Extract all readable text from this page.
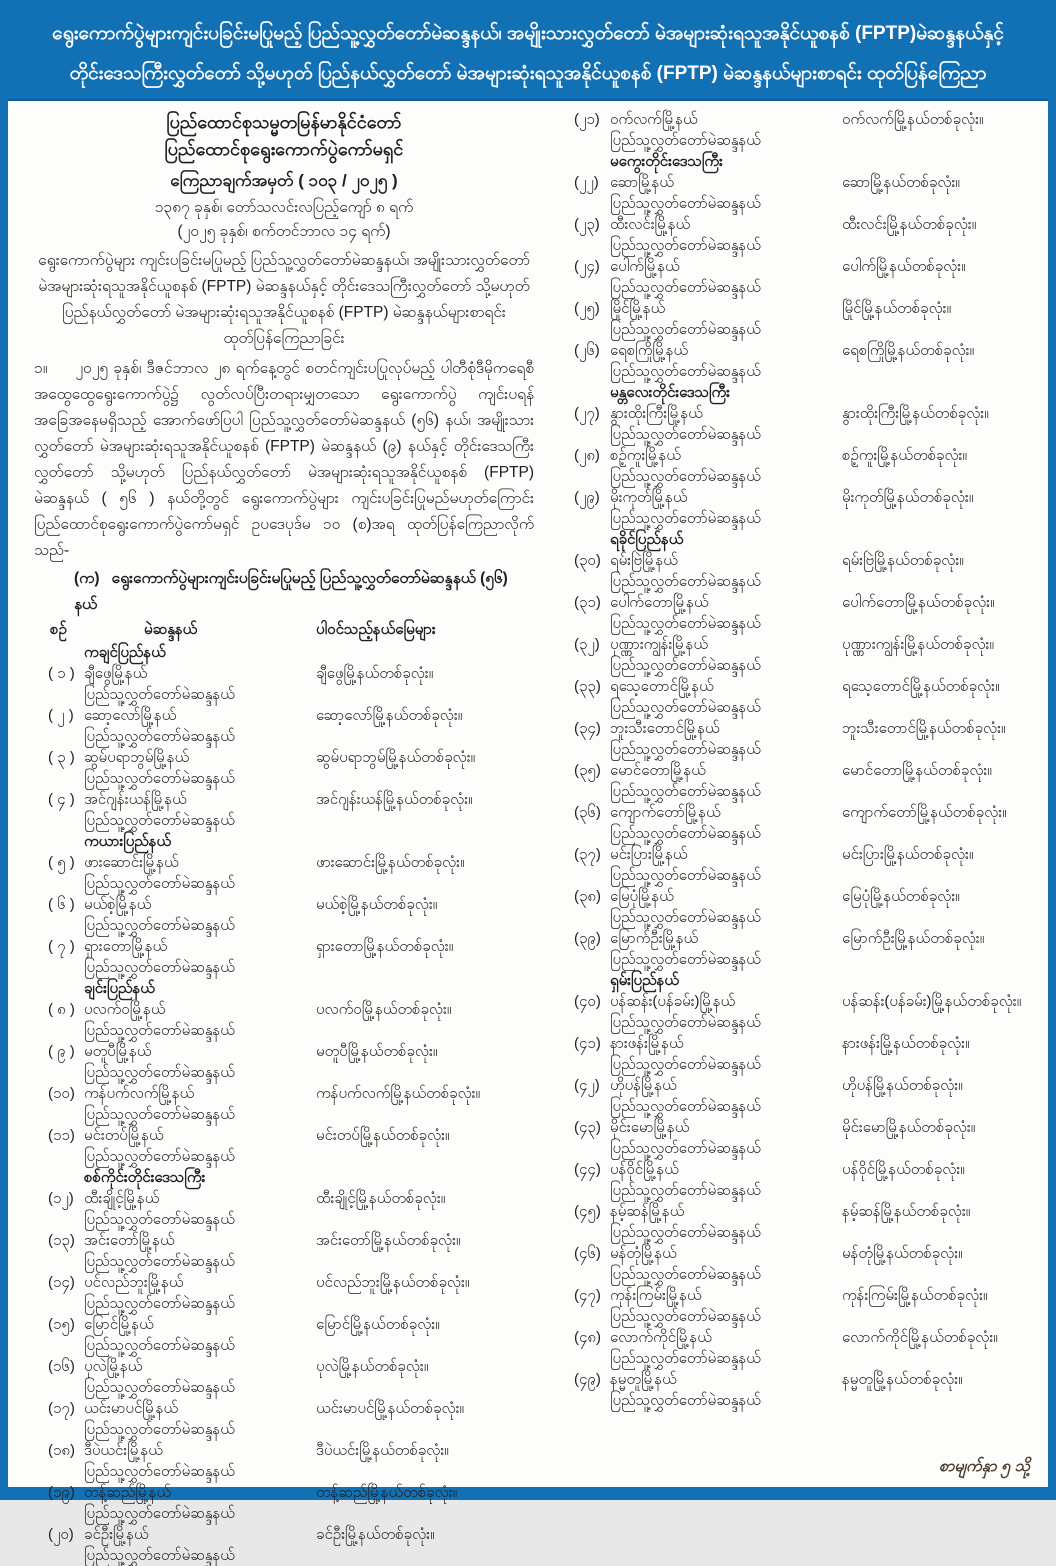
ရွေးကောက်ပွဲများကျင်းပခြင်းမပြုမည့် ပြည်သူ့လွှတ်တော်မဲဆန္ဒနယ်၊ အမျိုးသားလွှတ်တော် မဲအများဆုံးရသူအနိုင်ယူစနစ် (FPTP)မဲဆန္ဒနယ်နှင့်
တိုင်းဒေသကြီးလွှတ်တော် သို့မဟုတ် ပြည်နယ်လွှတ်တော် မဲအများဆုံးရသူအနိုင်ယူစနစ် (FPTP) မဲဆန္ဒနယ်များစာရင်း ထုတ်ပြန်ကြေညာ
ပြည်ထောင်စုသမ္မတမြန်မာနိုင်ငံတော်
ပြည်ထောင်စုရွေးကောက်ပွဲကော်မရှင်
ကြေညာချက်အမှတ် ( ၁၀၃ / ၂၀၂၅ )
၁၃၈၇ ခုနှစ်၊ တော်သလင်းလပြည့်ကျော် ၈ ရက်
(၂၀၂၅ ခုနှစ်၊ စက်တင်ဘာလ ၁၄ ရက်)
ရွေးကောက်ပွဲများ ကျင်းပခြင်းမပြုမည့် ပြည်သူ့လွှတ်တော်မဲဆန္ဒနယ်၊ အမျိုးသားလွှတ်တော် မဲအများဆုံးရသူအနိုင်ယူစနစ် (FPTP) မဲဆန္ဒနယ်နှင့် တိုင်းဒေသကြီးလွှတ်တော် သို့မဟုတ် ပြည်နယ်လွှတ်တော် မဲအများဆုံးရသူအနိုင်ယူစနစ် (FPTP) မဲဆန္ဒနယ်များစာရင်း
ထုတ်ပြန်ကြေညာခြင်း
၁။ ၂၀၂၅ ခုနှစ်၊ ဒီဇင်ဘာလ ၂၈ ရက်နေ့တွင် စတင်ကျင်းပပြုလုပ်မည့် ပါတီစုံဒီမိုကရေစီ အထွေထွေရွေးကောက်ပွဲ၌ လွတ်လပ်ပြီးတရားမျှတသော ရွေးကောက်ပွဲ ကျင်းပရန်အခြေအနေမရှိသည့် အောက်ဖော်ပြပါ ပြည်သူ့လွှတ်တော်မဲဆန္ဒနယ် (၅၆) နယ်၊ အမျိုးသားလွှတ်တော် မဲအများဆုံးရသူအနိုင်ယူစနစ် (FPTP) မဲဆန္ဒနယ် (၉) နယ်နှင့် တိုင်းဒေသကြီးလွှတ်တော် သို့မဟုတ် ပြည်နယ်လွှတ်တော် မဲအများဆုံးရသူအနိုင်ယူစနစ် (FPTP) မဲဆန္ဒနယ် ( ၅၆ ) နယ်တို့တွင် ရွေးကောက်ပွဲများ ကျင်းပခြင်းပြုမည်မဟုတ်ကြောင်း ပြည်ထောင်စုရွေးကောက်ပွဲကော်မရှင် ဥပဒေပုဒ်မ ၁၀ (စ)အရ ထုတ်ပြန်ကြေညာလိုက်သည်-
(က) ရွေးကောက်ပွဲများကျင်းပခြင်းမပြုမည့် ပြည်သူ့လွှတ်တော်မဲဆန္ဒနယ် (၅၆) နယ်
စဉ်	မဲဆန္ဒနယ်	ပါဝင်သည့်နယ်မြေများ
ကချင်ပြည်နယ်
( ၁ ) ချီဖွေမြို့နယ်	ချီဖွေမြို့နယ်တစ်ခုလုံး။
ပြည်သူ့လွှတ်တော်မဲဆန္ဒနယ်
( ၂ ) ဆော့လော်မြို့နယ်	ဆော့လော်မြို့နယ်တစ်ခုလုံး။
ပြည်သူ့လွှတ်တော်မဲဆန္ဒနယ်
( ၃ ) ဆွမ်ပရာဘွမ်မြို့နယ်	ဆွမ်ပရာဘွမ်မြို့နယ်တစ်ခုလုံး။
ပြည်သူ့လွှတ်တော်မဲဆန္ဒနယ်
( ၄ ) အင်ဂျန်းယန်မြို့နယ်	အင်ဂျန်းယန်မြို့နယ်တစ်ခုလုံး။
ပြည်သူ့လွှတ်တော်မဲဆန္ဒနယ်
ကယားပြည်နယ်
( ၅ ) ဖားဆောင်းမြို့နယ်	ဖားဆောင်းမြို့နယ်တစ်ခုလုံး။
ပြည်သူ့လွှတ်တော်မဲဆန္ဒနယ်
( ၆ ) မယ်စဲ့မြို့နယ်	မယ်စဲ့မြို့နယ်တစ်ခုလုံး။
ပြည်သူ့လွှတ်တော်မဲဆန္ဒနယ်
( ၇ ) ရှားတောမြို့နယ်	ရှားတောမြို့နယ်တစ်ခုလုံး။
ပြည်သူ့လွှတ်တော်မဲဆန္ဒနယ်
ချင်းပြည်နယ်
( ၈ ) ပလက်ဝမြို့နယ်	ပလက်ဝမြို့နယ်တစ်ခုလုံး။
ပြည်သူ့လွှတ်တော်မဲဆန္ဒနယ်
( ၉ ) မတူပီမြို့နယ်	မတူပီမြို့နယ်တစ်ခုလုံး။
ပြည်သူ့လွှတ်တော်မဲဆန္ဒနယ်
(၁၀) ကန်ပက်လက်မြို့နယ်	ကန်ပက်လက်မြို့နယ်တစ်ခုလုံး။
ပြည်သူ့လွှတ်တော်မဲဆန္ဒနယ်
(၁၁) မင်းတပ်မြို့နယ်	မင်းတပ်မြို့နယ်တစ်ခုလုံး။
ပြည်သူ့လွှတ်တော်မဲဆန္ဒနယ်
စစ်ကိုင်းတိုင်းဒေသကြီး
(၁၂) ထီးချိုင့်မြို့နယ်	ထီးချိုင့်မြို့နယ်တစ်ခုလုံး။
ပြည်သူ့လွှတ်တော်မဲဆန္ဒနယ်
(၁၃) အင်းတော်မြို့နယ်	အင်းတော်မြို့နယ်တစ်ခုလုံး။
ပြည်သူ့လွှတ်တော်မဲဆန္ဒနယ်
(၁၄) ပင်လည်ဘူးမြို့နယ်	ပင်လည်ဘူးမြို့နယ်တစ်ခုလုံး။
ပြည်သူ့လွှတ်တော်မဲဆန္ဒနယ်
(၁၅) မြောင်မြို့နယ်	မြောင်မြို့နယ်တစ်ခုလုံး။
ပြည်သူ့လွှတ်တော်မဲဆန္ဒနယ်
(၁၆) ပုလဲမြို့နယ်	ပုလဲမြို့နယ်တစ်ခုလုံး။
ပြည်သူ့လွှတ်တော်မဲဆန္ဒနယ်
(၁၇) ယင်းမာပင်မြို့နယ်	ယင်းမာပင်မြို့နယ်တစ်ခုလုံး။
ပြည်သူ့လွှတ်တော်မဲဆန္ဒနယ်
(၁၈) ဒီပဲယင်းမြို့နယ်	ဒီပဲယင်းမြို့နယ်တစ်ခုလုံး။
ပြည်သူ့လွှတ်တော်မဲဆန္ဒနယ်
(၁၉) တန့်ဆည်မြို့နယ်	တန့်ဆည်မြို့နယ်တစ်ခုလုံး။
ပြည်သူ့လွှတ်တော်မဲဆန္ဒနယ်
(၂၀) ခင်ဦးမြို့နယ်	ခင်ဦးမြို့နယ်တစ်ခုလုံး။
ပြည်သူ့လွှတ်တော်မဲဆန္ဒနယ်
(၂၁) ဝက်လက်မြို့နယ်	ဝက်လက်မြို့နယ်တစ်ခုလုံး။
ပြည်သူ့လွှတ်တော်မဲဆန္ဒနယ်
မကွေးတိုင်းဒေသကြီး
(၂၂) ဆောမြို့နယ်	ဆောမြို့နယ်တစ်ခုလုံး။
ပြည်သူ့လွှတ်တော်မဲဆန္ဒနယ်
(၂၃) ထီးလင်းမြို့နယ်	ထီးလင်းမြို့နယ်တစ်ခုလုံး။
ပြည်သူ့လွှတ်တော်မဲဆန္ဒနယ်
(၂၄) ပေါက်မြို့နယ်	ပေါက်မြို့နယ်တစ်ခုလုံး။
ပြည်သူ့လွှတ်တော်မဲဆန္ဒနယ်
(၂၅) မြိုင်မြို့နယ်	မြိုင်မြို့နယ်တစ်ခုလုံး။
ပြည်သူ့လွှတ်တော်မဲဆန္ဒနယ်
(၂၆) ရေစကြိုမြို့နယ်	ရေစကြိုမြို့နယ်တစ်ခုလုံး။
ပြည်သူ့လွှတ်တော်မဲဆန္ဒနယ်
မန္တလေးတိုင်းဒေသကြီး
(၂၇) နွားထိုးကြီးမြို့နယ်	နွားထိုးကြီးမြို့နယ်တစ်ခုလုံး။
ပြည်သူ့လွှတ်တော်မဲဆန္ဒနယ်
(၂၈) စဉ့်ကူးမြို့နယ်	စဉ့်ကူးမြို့နယ်တစ်ခုလုံး။
ပြည်သူ့လွှတ်တော်မဲဆန္ဒနယ်
(၂၉) မိုးကုတ်မြို့နယ်	မိုးကုတ်မြို့နယ်တစ်ခုလုံး။
ပြည်သူ့လွှတ်တော်မဲဆန္ဒနယ်
ရခိုင်ပြည်နယ်
(၃၀) ရမ်းဗြဲမြို့နယ်	ရမ်းဗြဲမြို့နယ်တစ်ခုလုံး။
ပြည်သူ့လွှတ်တော်မဲဆန္ဒနယ်
(၃၁) ပေါက်တောမြို့နယ်	ပေါက်တောမြို့နယ်တစ်ခုလုံး။
ပြည်သူ့လွှတ်တော်မဲဆန္ဒနယ်
(၃၂) ပုဏ္ဏားကျွန်းမြို့နယ်	ပုဏ္ဏားကျွန်းမြို့နယ်တစ်ခုလုံး။
ပြည်သူ့လွှတ်တော်မဲဆန္ဒနယ်
(၃၃) ရသေ့တောင်မြို့နယ်	ရသေ့တောင်မြို့နယ်တစ်ခုလုံး။
ပြည်သူ့လွှတ်တော်မဲဆန္ဒနယ်
(၃၄) ဘူးသီးတောင်မြို့နယ်	ဘူးသီးတောင်မြို့နယ်တစ်ခုလုံး။
ပြည်သူ့လွှတ်တော်မဲဆန္ဒနယ်
(၃၅) မောင်တောမြို့နယ်	မောင်တောမြို့နယ်တစ်ခုလုံး။
ပြည်သူ့လွှတ်တော်မဲဆန္ဒနယ်
(၃၆) ကျောက်တော်မြို့နယ်	ကျောက်တော်မြို့နယ်တစ်ခုလုံး။
ပြည်သူ့လွှတ်တော်မဲဆန္ဒနယ်
(၃၇) မင်းပြားမြို့နယ်	မင်းပြားမြို့နယ်တစ်ခုလုံး။
ပြည်သူ့လွှတ်တော်မဲဆန္ဒနယ်
(၃၈) မြေပုံမြို့နယ်	မြေပုံမြို့နယ်တစ်ခုလုံး။
ပြည်သူ့လွှတ်တော်မဲဆန္ဒနယ်
(၃၉) မြောက်ဦးမြို့နယ်	မြောက်ဦးမြို့နယ်တစ်ခုလုံး။
ပြည်သူ့လွှတ်တော်မဲဆန္ဒနယ်
ရှမ်းပြည်နယ်
(၄၀) ပန်ဆန်း(ပန်ခမ်း)မြို့နယ်	ပန်ဆန်း(ပန်ခမ်း)မြို့နယ်တစ်ခုလုံး။
ပြည်သူ့လွှတ်တော်မဲဆန္ဒနယ်
(၄၁) နားဖန်းမြို့နယ်	နားဖန်းမြို့နယ်တစ်ခုလုံး။
ပြည်သူ့လွှတ်တော်မဲဆန္ဒနယ်
(၄၂) ဟိုပန်မြို့နယ်	ဟိုပန်မြို့နယ်တစ်ခုလုံး။
ပြည်သူ့လွှတ်တော်မဲဆန္ဒနယ်
(၄၃) မိုင်းမောမြို့နယ်	မိုင်းမောမြို့နယ်တစ်ခုလုံး။
ပြည်သူ့လွှတ်တော်မဲဆန္ဒနယ်
(၄၄) ပန်ဝိုင်မြို့နယ်	ပန်ဝိုင်မြို့နယ်တစ်ခုလုံး။
ပြည်သူ့လွှတ်တော်မဲဆန္ဒနယ်
(၄၅) နမ့်ဆန်မြို့နယ်	နမ့်ဆန်မြို့နယ်တစ်ခုလုံး။
ပြည်သူ့လွှတ်တော်မဲဆန္ဒနယ်
(၄၆) မန်တုံမြို့နယ်	မန်တုံမြို့နယ်တစ်ခုလုံး။
ပြည်သူ့လွှတ်တော်မဲဆန္ဒနယ်
(၄၇) ကုန်းကြမ်းမြို့နယ်	ကုန်းကြမ်းမြို့နယ်တစ်ခုလုံး။
ပြည်သူ့လွှတ်တော်မဲဆန္ဒနယ်
(၄၈) လောက်ကိုင်မြို့နယ်	လောက်ကိုင်မြို့နယ်တစ်ခုလုံး။
ပြည်သူ့လွှတ်တော်မဲဆန္ဒနယ်
(၄၉) နမ္မတူမြို့နယ်	နမ္မတူမြို့နယ်တစ်ခုလုံး။
ပြည်သူ့လွှတ်တော်မဲဆန္ဒနယ်
စာမျက်နှာ ၅ သို့
